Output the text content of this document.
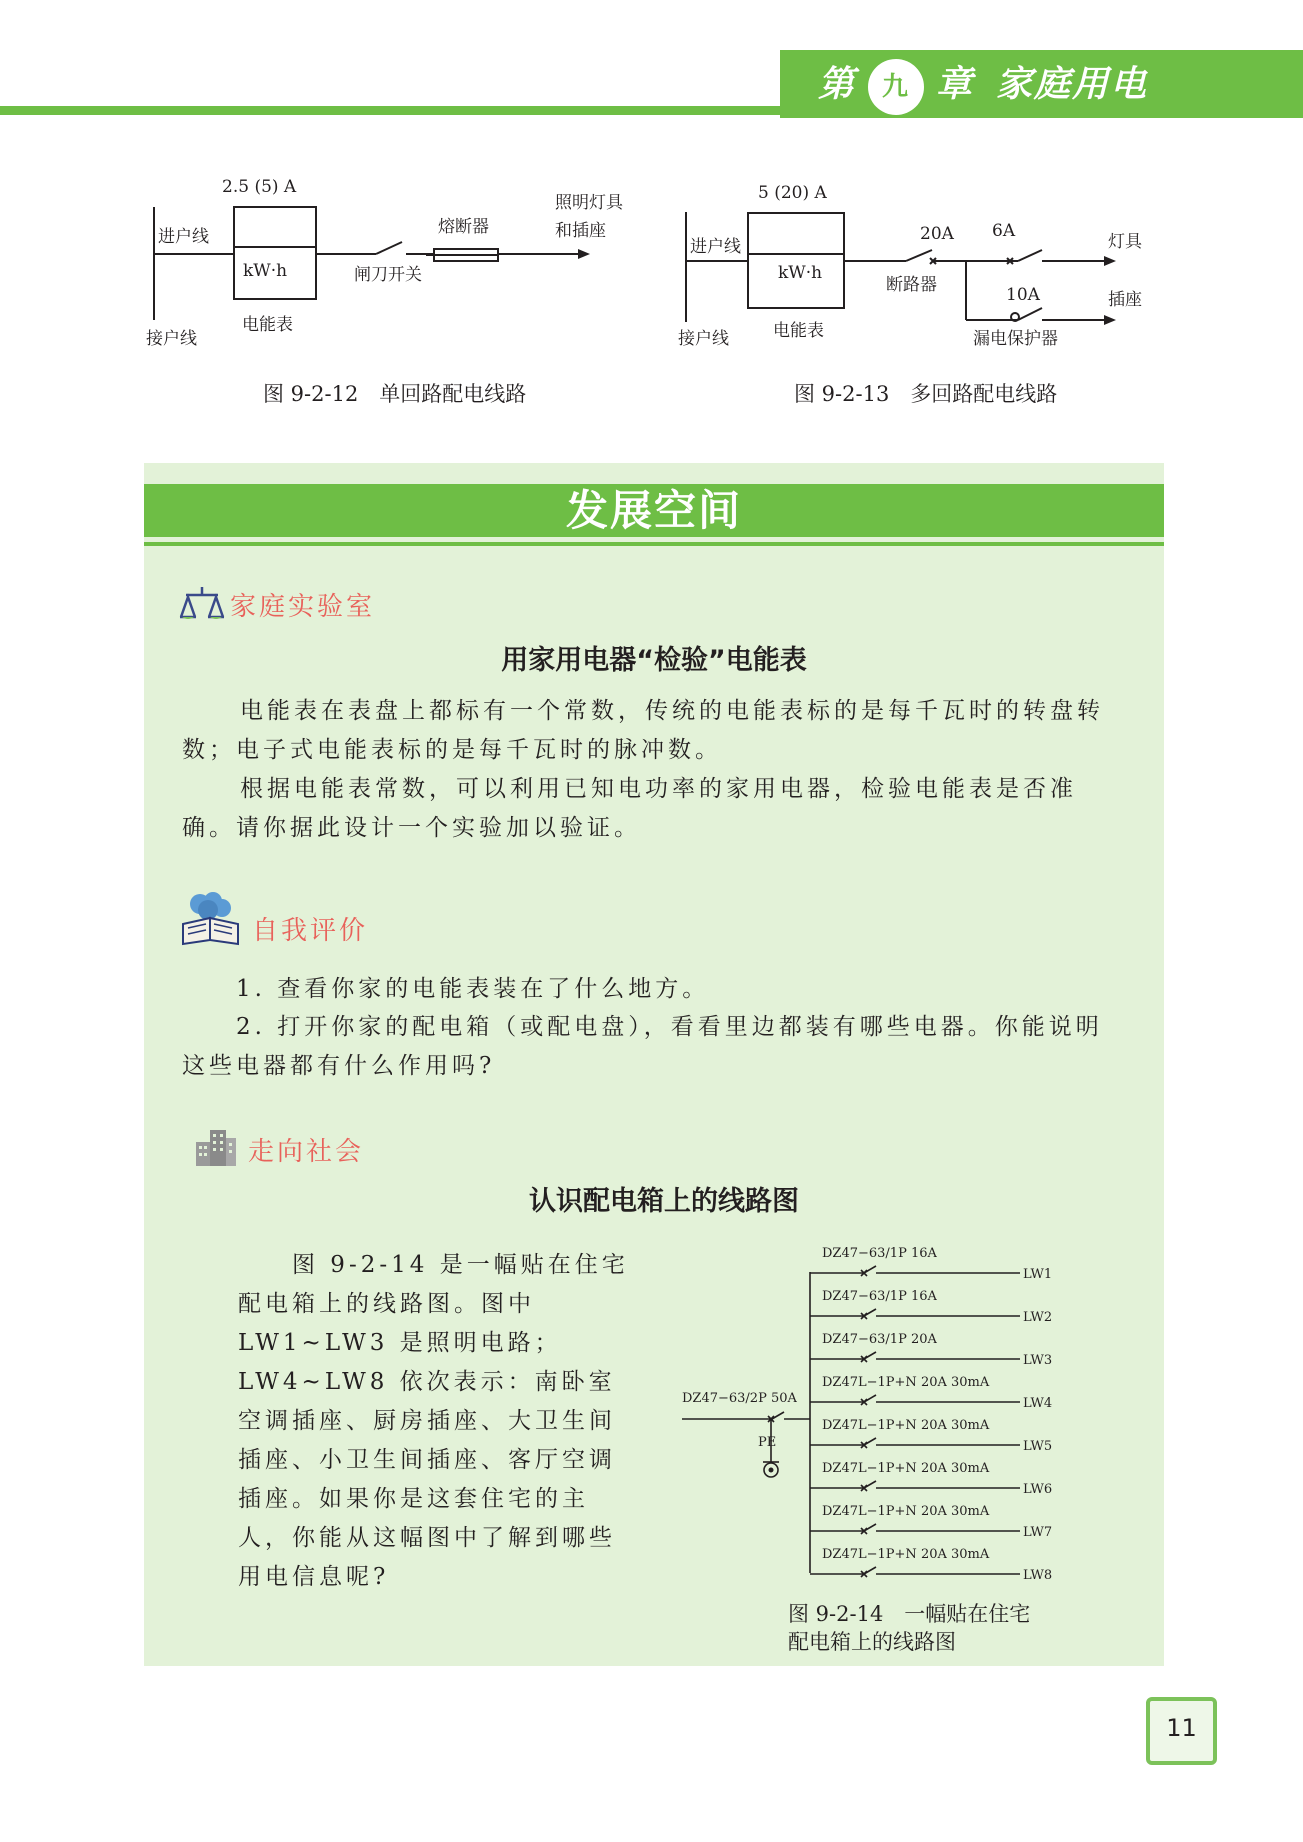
第 九 章 家庭用电
2.5 (5) A
进户线
kW·h
电能表
接户线
闸刀开关
熔断器
照明灯具
和插座
图 9-2-12　单回路配电线路
5 (20) A
进户线
kW·h
电能表
接户线
20A
断路器
6A
灯具
10A	插座
漏电保护器
图 9-2-13　多回路配电线路
发展空间
家庭实验室
用家用电器“检验”电能表
电能表在表盘上都标有一个常数，传统的电能表标的是每千瓦时的转盘转数；电子式电能表标的是每千瓦时的脉冲数。
根据电能表常数，可以利用已知电功率的家用电器，检验电能表是否准确。请你据此设计一个实验加以验证。
自我评价
1. 查看你家的电能表装在了什么地方。
2. 打开你家的配电箱（或配电盘），看看里边都装有哪些电器。你能说明这些电器都有什么作用吗?
走向社会
认识配电箱上的线路图
图 9-2-14 是一幅贴在住宅配电箱上的线路图。图中 LW1~LW3 是照明电路；LW4~LW8 依次表示：南卧室空调插座、厨房插座、大卫生间插座、小卫生间插座、客厅空调插座。如果你是这套住宅的主人，你能从这幅图中了解到哪些用电信息呢?
DZ47−63/2P 50A
PE
DZ47−63/1P 16A
LW1
DZ47−63/1P 16A
LW2
DZ47−63/1P 20A
LW3
DZ47L−1P+N 20A 30mA
LW4
DZ47L−1P+N 20A 30mA
LW5
DZ47L−1P+N 20A 30mA
LW6
DZ47L−1P+N 20A 30mA
LW7
DZ47L−1P+N 20A 30mA
LW8
图 9-2-14　一幅贴在住宅
配电箱上的线路图
11
